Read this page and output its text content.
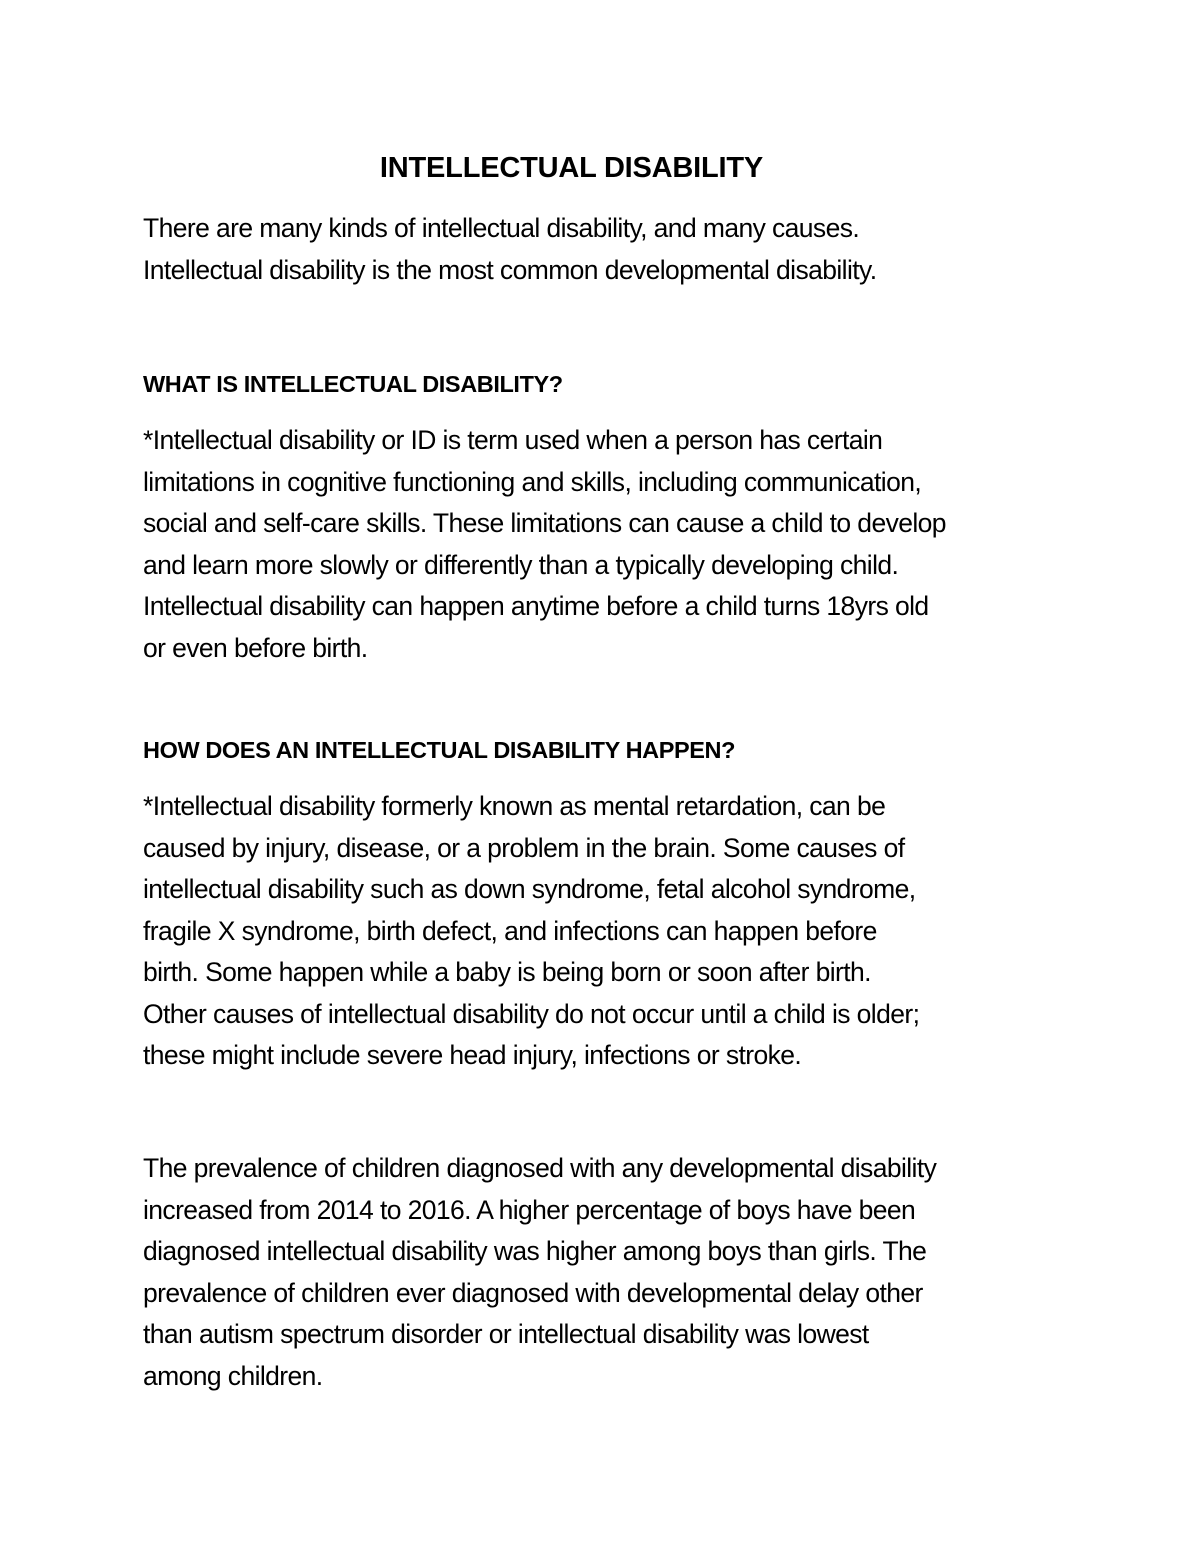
INTELLECTUAL DISABILITY
There are many kinds of intellectual disability, and many causes.
Intellectual disability is the most common developmental disability.
WHAT IS INTELLECTUAL DISABILITY?
*Intellectual disability or ID is term used when a person has certain
limitations in cognitive functioning and skills, including communication,
social and self-care skills. These limitations can cause a child to develop
and learn more slowly or differently than a typically developing child.
Intellectual disability can happen anytime before a child turns 18yrs old
or even before birth.
HOW DOES AN INTELLECTUAL DISABILITY HAPPEN?
*Intellectual disability formerly known as mental retardation, can be
caused by injury, disease, or a problem in the brain. Some causes of
intellectual disability such as down syndrome, fetal alcohol syndrome,
fragile X syndrome, birth defect, and infections can happen before
birth. Some happen while a baby is being born or soon after birth.
Other causes of intellectual disability do not occur until a child is older;
these might include severe head injury, infections or stroke.
The prevalence of children diagnosed with any developmental disability
increased from 2014 to 2016. A higher percentage of boys have been
diagnosed intellectual disability was higher among boys than girls. The
prevalence of children ever diagnosed with developmental delay other
than autism spectrum disorder or intellectual disability was lowest
among children.
